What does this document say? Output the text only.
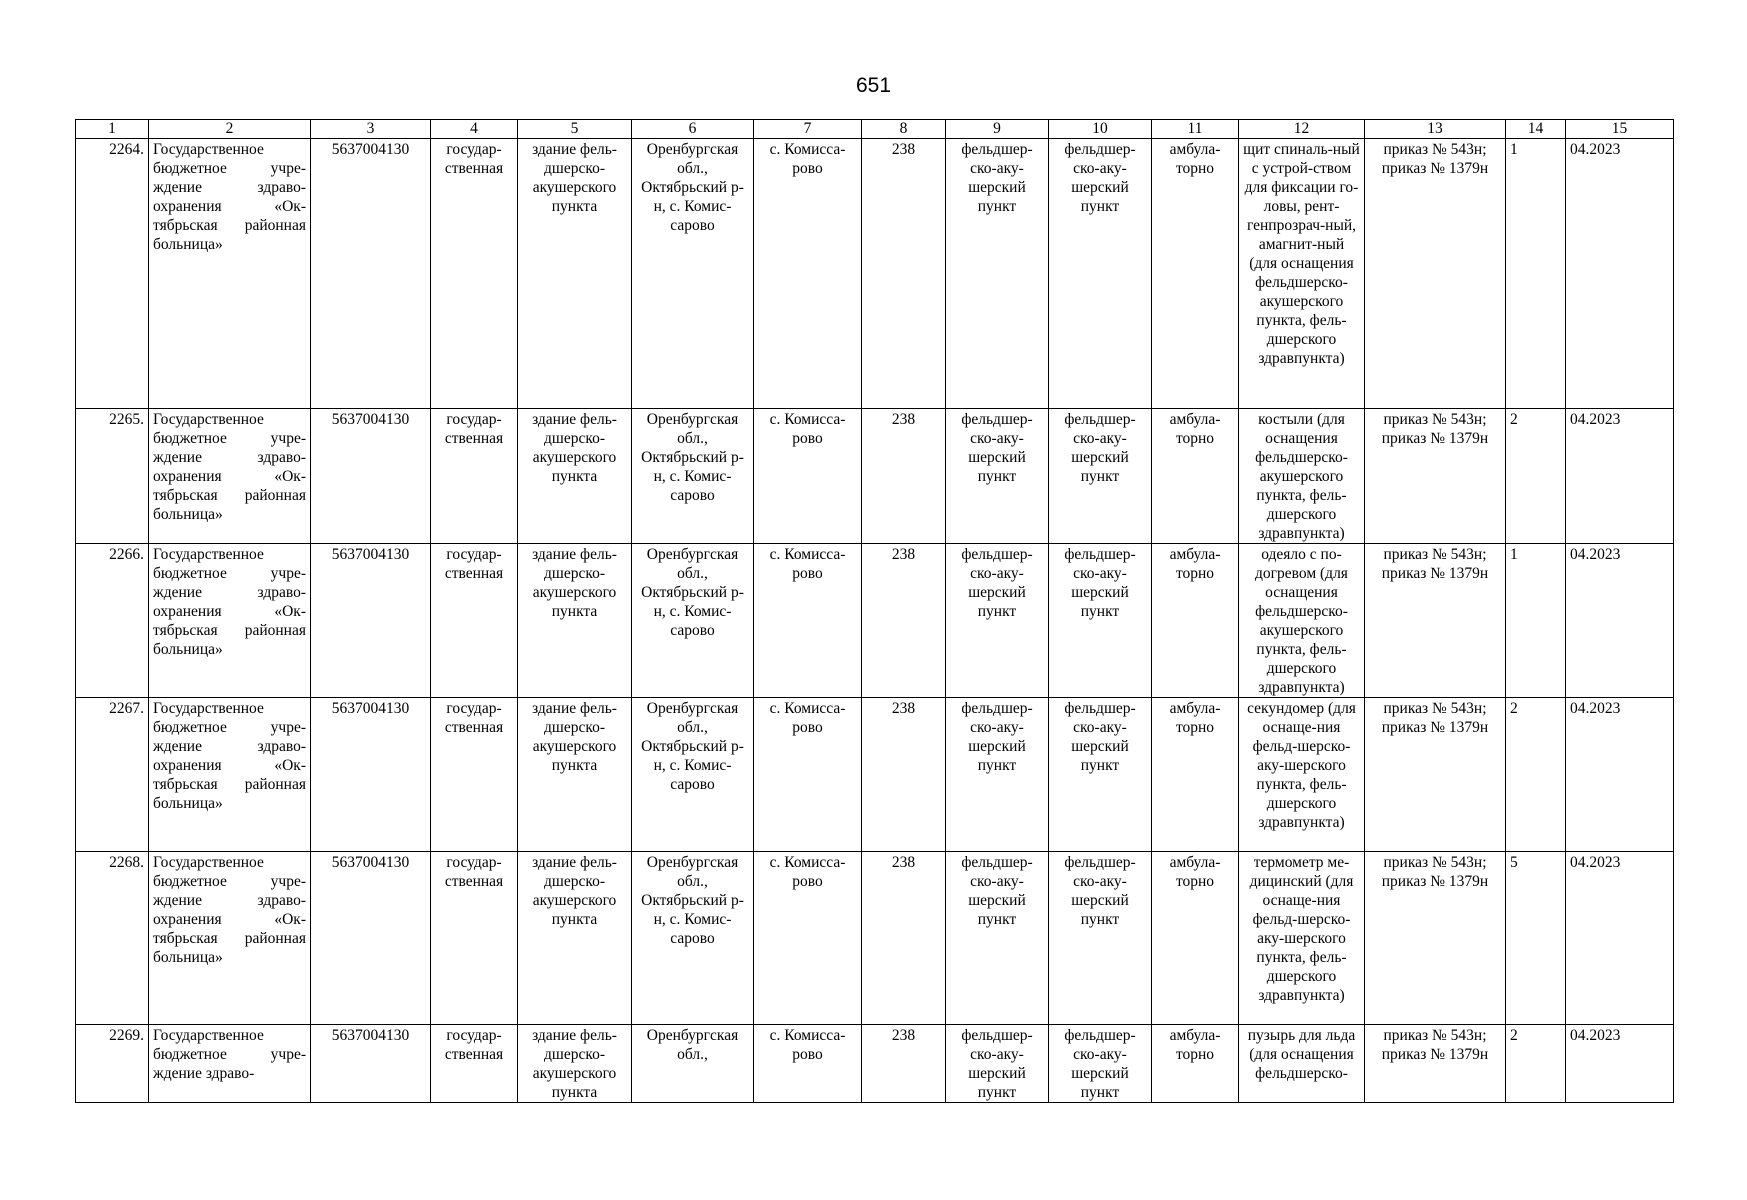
651
1	2	3	4	5	6	7	8	9	10	11	12	13	14	15
2264.	Государственное бюджетное учре-ждение здраво-охранения «Ок-тябрьская районная больница»	5637004130	государ-ственная	здание фель-дшерско-акушерского пункта	Оренбургская обл., Октябрьский р-н, с. Комис-сарово	с. Комисса-рово	238	фельдшер-ско-аку-шерский пункт	фельдшер-ско-аку-шерский пункт	амбула-торно	щит спиналь-ный с устрой-ством для фиксации го-ловы, рент-генпрозрач-ный, амагнит-ный (для оснащения фельдшерско-акушерского пункта, фель-дшерского здравпункта)	приказ № 543н; приказ № 1379н	1	04.2023
2265.	Государственное бюджетное учре-ждение здраво-охранения «Ок-тябрьская районная больница»	5637004130	государ-ственная	здание фель-дшерско-акушерского пункта	Оренбургская обл., Октябрьский р-н, с. Комис-сарово	с. Комисса-рово	238	фельдшер-ско-аку-шерский пункт	фельдшер-ско-аку-шерский пункт	амбула-торно	костыли (для оснащения фельдшерско-акушерского пункта, фель-дшерского здравпункта)	приказ № 543н; приказ № 1379н	2	04.2023
2266.	Государственное бюджетное учре-ждение здраво-охранения «Ок-тябрьская районная больница»	5637004130	государ-ственная	здание фель-дшерско-акушерского пункта	Оренбургская обл., Октябрьский р-н, с. Комис-сарово	с. Комисса-рово	238	фельдшер-ско-аку-шерский пункт	фельдшер-ско-аку-шерский пункт	амбула-торно	одеяло с по-догревом (для оснащения фельдшерско-акушерского пункта, фель-дшерского здравпункта)	приказ № 543н; приказ № 1379н	1	04.2023
2267.	Государственное бюджетное учре-ждение здраво-охранения «Ок-тябрьская районная больница»	5637004130	государ-ственная	здание фель-дшерско-акушерского пункта	Оренбургская обл., Октябрьский р-н, с. Комис-сарово	с. Комисса-рово	238	фельдшер-ско-аку-шерский пункт	фельдшер-ско-аку-шерский пункт	амбула-торно	секундомер (для оснаще-ния фельд-шерско-аку-шерского пункта, фель-дшерского здравпункта)	приказ № 543н; приказ № 1379н	2	04.2023
2268.	Государственное бюджетное учре-ждение здраво-охранения «Ок-тябрьская районная больница»	5637004130	государ-ственная	здание фель-дшерско-акушерского пункта	Оренбургская обл., Октябрьский р-н, с. Комис-сарово	с. Комисса-рово	238	фельдшер-ско-аку-шерский пункт	фельдшер-ско-аку-шерский пункт	амбула-торно	термометр ме-дицинский (для оснаще-ния фельд-шерско-аку-шерского пункта, фель-дшерского здравпункта)	приказ № 543н; приказ № 1379н	5	04.2023
2269.	Государственное бюджетное учре-ждение здраво-	5637004130	государ-ственная	здание фель-дшерско-акушерского пункта	Оренбургская обл.,	с. Комисса-рово	238	фельдшер-ско-аку-шерский пункт	фельдшер-ско-аку-шерский пункт	амбула-торно	пузырь для льда (для оснащения фельдшерско-	приказ № 543н; приказ № 1379н	2	04.2023
